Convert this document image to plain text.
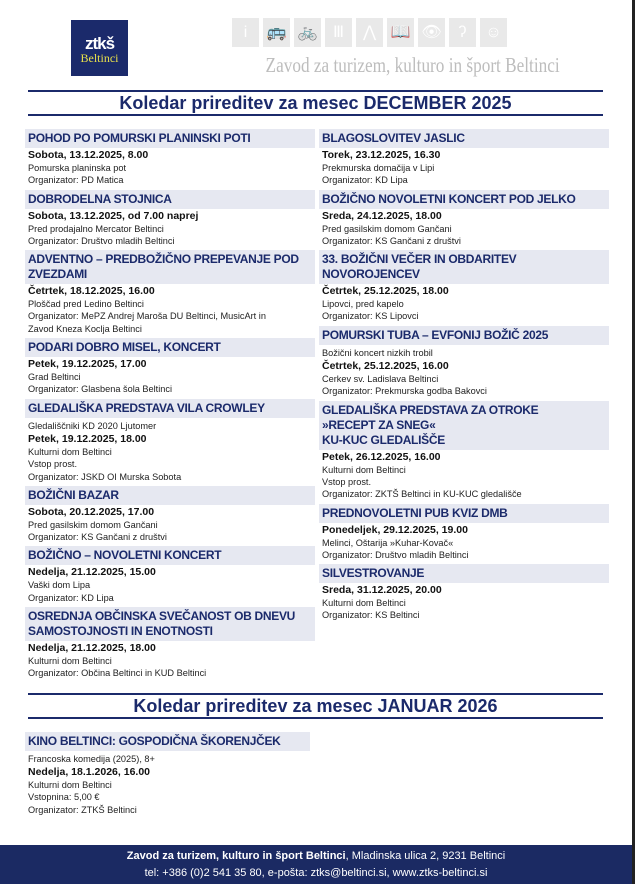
ztkš
Beltinci
i	🚌 🚲 Ⅲ	⋀ 📖 👁	ʔ	☺
Zavod za turizem, kulturo in šport Beltinci
Koledar prireditev za mesec DECEMBER 2025
POHOD PO POMURSKI PLANINSKI POTI
Sobota, 13.12.2025, 8.00
Pomurska planinska pot
Organizator: PD Matica
DOBRODELNA STOJNICA
Sobota, 13.12.2025, od 7.00 naprej
Pred prodajalno Mercator Beltinci
Organizator: Društvo mladih Beltinci
ADVENTNO – PREDBOŽIČNO PREPEVANJE POD
ZVEZDAMI
Četrtek, 18.12.2025, 16.00
Ploščad pred Ledino Beltinci
Organizator: MePZ Andrej Maroša DU Beltinci, MusicArt in
Zavod Kneza Koclja Beltinci
PODARI DOBRO MISEL, KONCERT
Petek, 19.12.2025, 17.00
Grad Beltinci
Organizator: Glasbena šola Beltinci
GLEDALIŠKA PREDSTAVA VILA CROWLEY
Gledališčniki KD 2020 Ljutomer
Petek, 19.12.2025, 18.00
Kulturni dom Beltinci
Vstop prost.
Organizator: JSKD OI Murska Sobota
BOŽIČNI BAZAR
Sobota, 20.12.2025, 17.00
Pred gasilskim domom Gančani
Organizator: KS Gančani z društvi
BOŽIČNO – NOVOLETNI KONCERT
Nedelja, 21.12.2025, 15.00
Vaški dom Lipa
Organizator: KD Lipa
OSREDNJA OBČINSKA SVEČANOST OB DNEVU
SAMOSTOJNOSTI IN ENOTNOSTI
Nedelja, 21.12.2025, 18.00
Kulturni dom Beltinci
Organizator: Občina Beltinci in KUD Beltinci
BLAGOSLOVITEV JASLIC
Torek, 23.12.2025, 16.30
Prekmurska domačija v Lipi
Organizator: KD Lipa
BOŽIČNO NOVOLETNI KONCERT POD JELKO
Sreda, 24.12.2025, 18.00
Pred gasilskim domom Gančani
Organizator: KS Gančani z društvi
33. BOŽIČNI VEČER IN OBDARITEV
NOVOROJENCEV
Četrtek, 25.12.2025, 18.00
Lipovci, pred kapelo
Organizator: KS Lipovci
POMURSKI TUBA – EVFONIJ BOŽIČ 2025
Božični koncert nizkih trobil
Četrtek, 25.12.2025, 16.00
Cerkev sv. Ladislava Beltinci
Organizator: Prekmurska godba Bakovci
GLEDALIŠKA PREDSTAVA ZA OTROKE
»RECEPT ZA SNEG«
KU-KUC GLEDALIŠČE
Petek, 26.12.2025, 16.00
Kulturni dom Beltinci
Vstop prost.
Organizator: ZKTŠ Beltinci in KU-KUC gledališče
PREDNOVOLETNI PUB KVIZ DMB
Ponedeljek, 29.12.2025, 19.00
Melinci, Oštarija »Kuhar-Kovač«
Organizator: Društvo mladih Beltinci
SILVESTROVANJE
Sreda, 31.12.2025, 20.00
Kulturni dom Beltinci
Organizator: KS Beltinci
Koledar prireditev za mesec JANUAR 2026
KINO BELTINCI: GOSPODIČNA ŠKORENJČEK
Francoska komedija (2025), 8+
Nedelja, 18.1.2026, 16.00
Kulturni dom Beltinci
Vstopnina: 5,00 €
Organizator: ZTKŠ Beltinci
Zavod za turizem, kulturo in šport Beltinci, Mladinska ulica 2, 9231 Beltinci
tel: +386 (0)2 541 35 80, e-pošta: ztks@beltinci.si, www.ztks-beltinci.si
